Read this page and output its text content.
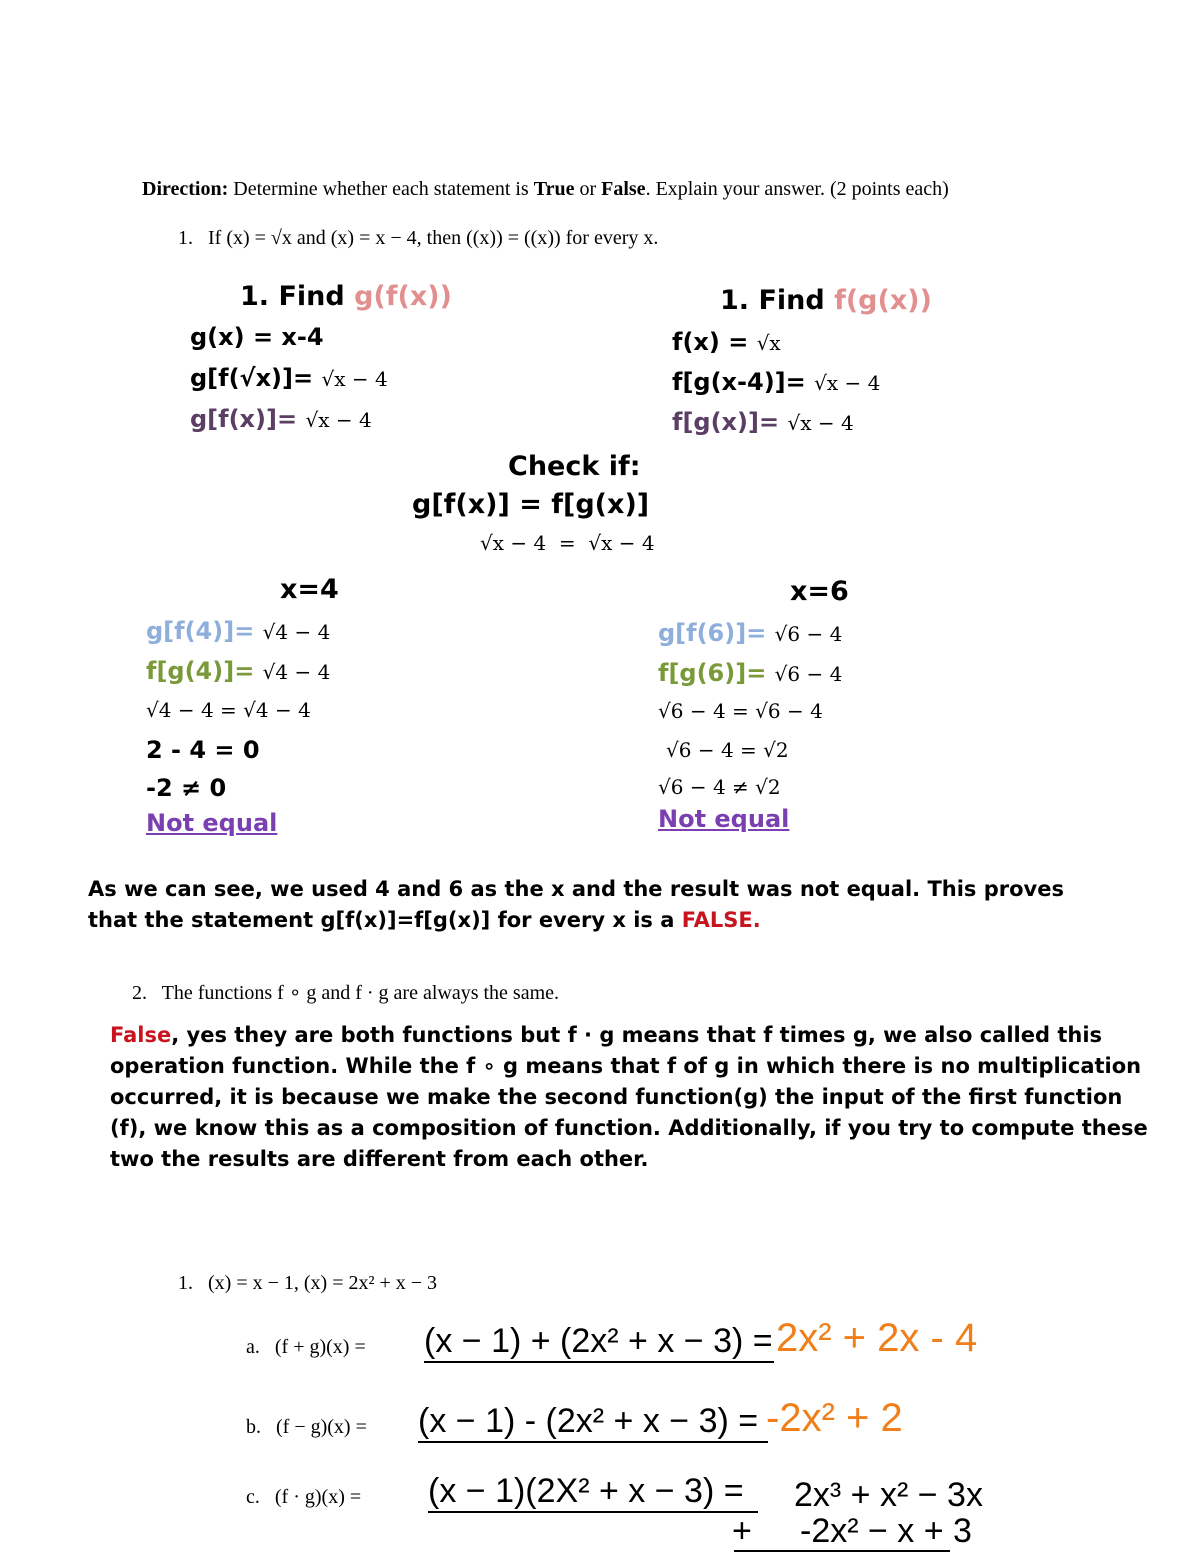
Direction: Determine whether each statement is True or False. Explain your answer. (2 points each)
1. If (x) = √x and (x) = x − 4, then ((x)) = ((x)) for every x.
1. Find g(f(x))
g(x) = x-4
g[f(√x)]= √x − 4
g[f(x)]= √x − 4
1. Find f(g(x))
f(x) = √x
f[g(x-4)]= √x − 4
f[g(x)]= √x − 4
Check if:
g[f(x)] = f[g(x)]
√x − 4  =  √x − 4
x=4
g[f(4)]= √4 − 4
f[g(4)]= √4 − 4
√4 − 4 = √4 − 4
2 - 4 = 0
-2 ≠ 0
Not equal
x=6
g[f(6)]= √6 − 4
f[g(6)]= √6 − 4
√6 − 4 = √6 − 4
√6 − 4 = √2
√6 − 4 ≠ √2
Not equal
As we can see, we used 4 and 6 as the x and the result was not equal. This proves
that the statement g[f(x)]=f[g(x)] for every x is a FALSE.
2. The functions f ∘ g and f · g are always the same.
False, yes they are both functions but f · g means that f times g, we also called this operation function. While the f ∘ g means that f of g in which there is no multiplication occurred, it is because we make the second function(g) the input of the first function (f), we know this as a composition of function. Additionally, if you try to compute these two the results are different from each other.
1. (x) = x − 1, (x) = 2x² + x − 3
a. (f + g)(x) = (x − 1) + (2x² + x − 3) = 2x² + 2x - 4
b. (f − g)(x) = (x − 1) - (2x² + x − 3) = -2x² + 2
c. (f · g)(x) = (x − 1)(2X² + x − 3) =	2x³ + x² − 3x
+ -2x² − x + 3
